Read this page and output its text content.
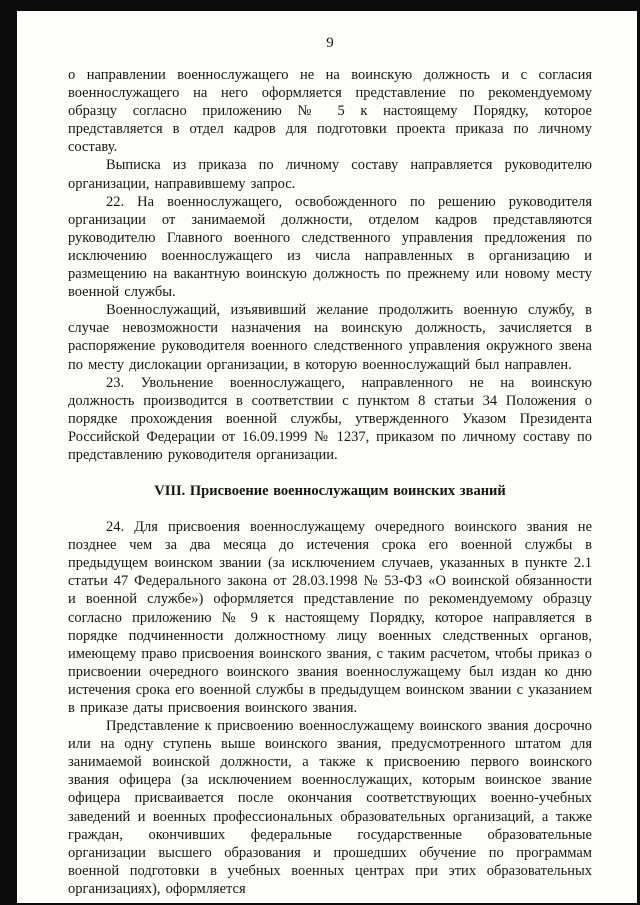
9

о направлении военнослужащего не на воинскую должность и с согласия военнослужащего на него оформляется представление по рекомендуемому образцу согласно приложению № 5 к настоящему Порядку, которое представляется в отдел кадров для подготовки проекта приказа по личному составу.

Выписка из приказа по личному составу направляется руководителю организации, направившему запрос.

22. На военнослужащего, освобожденного по решению руководителя организации от занимаемой должности, отделом кадров представляются руководителю Главного военного следственного управления предложения по исключению военнослужащего из числа направленных в организацию и размещению на вакантную воинскую должность по прежнему или новому месту военной службы.

Военнослужащий, изъявивший желание продолжить военную службу, в случае невозможности назначения на воинскую должность, зачисляется в распоряжение руководителя военного следственного управления окружного звена по месту дислокации организации, в которую военнослужащий был направлен.

23. Увольнение военнослужащего, направленного не на воинскую должность производится в соответствии с пунктом 8 статьи 34 Положения о порядке прохождения военной службы, утвержденного Указом Президента Российской Федерации от 16.09.1999 № 1237, приказом по личному составу по представлению руководителя организации.

VIII. Присвоение военнослужащим воинских званий

24. Для присвоения военнослужащему очередного воинского звания не позднее чем за два месяца до истечения срока его военной службы в предыдущем воинском звании (за исключением случаев, указанных в пункте 2.1 статьи 47 Федерального закона от 28.03.1998 № 53-ФЗ «О воинской обязанности и военной службе») оформляется представление по рекомендуемому образцу согласно приложению № 9 к настоящему Порядку, которое направляется в порядке подчиненности должностному лицу военных следственных органов, имеющему право присвоения воинского звания, с таким расчетом, чтобы приказ о присвоении очередного воинского звания военнослужащему был издан ко дню истечения срока его военной службы в предыдущем воинском звании с указанием в приказе даты присвоения воинского звания.

Представление к присвоению военнослужащему воинского звания досрочно или на одну ступень выше воинского звания, предусмотренного штатом для занимаемой воинской должности, а также к присвоению первого воинского звания офицера (за исключением военнослужащих, которым воинское звание офицера присваивается после окончания соответствующих военно-учебных заведений и военных профессиональных образовательных организаций, а также граждан, окончивших федеральные государственные образовательные организации высшего образования и прошедших обучение по программам военной подготовки в учебных военных центрах при этих образовательных организациях), оформляется
